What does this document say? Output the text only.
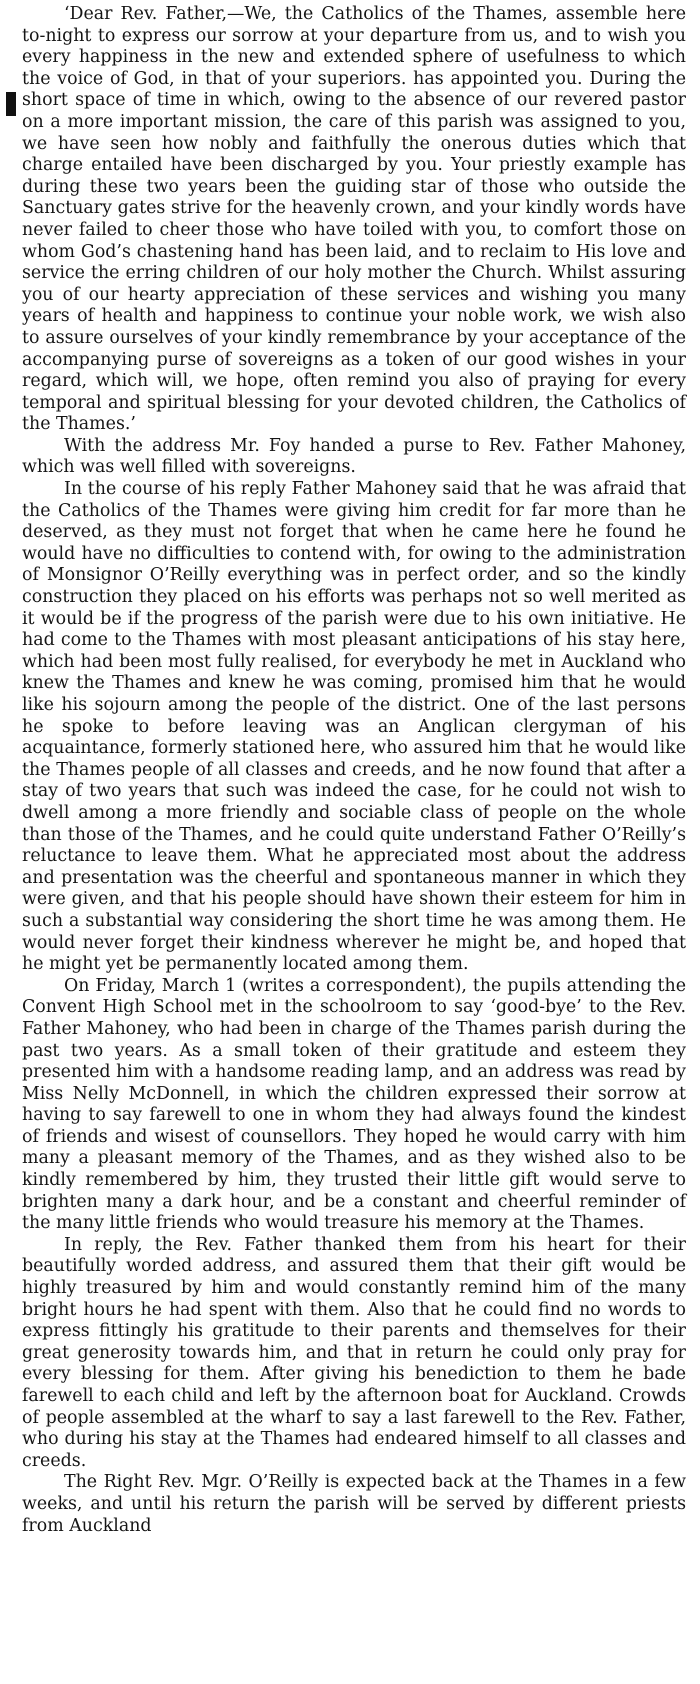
‘Dear Rev. Father,—We, the Catholics of the Thames, assemble here to-night to express our sorrow at your departure from us, and to wish you every happiness in the new and extended sphere of usefulness to which the voice of God, in that of your superiors. has appointed you. During the short space of time in which, owing to the absence of our revered pastor on a more important mission, the care of this parish was assigned to you, we have seen how nobly and faithfully the onerous duties which that charge entailed have been discharged by you. Your priestly example has during these two years been the guiding star of those who outside the Sanctuary gates strive for the heavenly crown, and your kindly words have never failed to cheer those who have toiled with you, to comfort those on whom God’s chastening hand has been laid, and to reclaim to His love and service the erring children of our holy mother the Church. Whilst assuring you of our hearty appreciation of these services and wishing you many years of health and happiness to continue your noble work, we wish also to assure ourselves of your kindly remembrance by your acceptance of the accompanying purse of sovereigns as a token of our good wishes in your regard, which will, we hope, often remind you also of praying for every temporal and spiritual blessing for your devoted children, the Catholics of the Thames.’

With the address Mr. Foy handed a purse to Rev. Father Mahoney, which was well filled with sovereigns.

In the course of his reply Father Mahoney said that he was afraid that the Catholics of the Thames were giving him credit for far more than he deserved, as they must not forget that when he came here he found he would have no difficulties to contend with, for owing to the administration of Monsignor O’Reilly everything was in perfect order, and so the kindly construction they placed on his efforts was perhaps not so well merited as it would be if the progress of the parish were due to his own initiative. He had come to the Thames with most pleasant anticipations of his stay here, which had been most fully realised, for everybody he met in Auckland who knew the Thames and knew he was coming, promised him that he would like his sojourn among the people of the district. One of the last persons he spoke to before leaving was an Anglican clergyman of his acquaintance, formerly stationed here, who assured him that he would like the Thames people of all classes and creeds, and he now found that after a stay of two years that such was indeed the case, for he could not wish to dwell among a more friendly and sociable class of people on the whole than those of the Thames, and he could quite understand Father O’Reilly’s reluctance to leave them. What he appreciated most about the address and presentation was the cheerful and spontaneous manner in which they were given, and that his people should have shown their esteem for him in such a substantial way considering the short time he was among them. He would never forget their kindness wherever he might be, and hoped that he might yet be permanently located among them.

On Friday, March 1 (writes a correspondent), the pupils attending the Convent High School met in the schoolroom to say ‘good-bye’ to the Rev. Father Mahoney, who had been in charge of the Thames parish during the past two years. As a small token of their gratitude and esteem they presented him with a handsome reading lamp, and an address was read by Miss Nelly McDonnell, in which the children expressed their sorrow at having to say farewell to one in whom they had always found the kindest of friends and wisest of counsellors. They hoped he would carry with him many a pleasant memory of the Thames, and as they wished also to be kindly remembered by him, they trusted their little gift would serve to brighten many a dark hour, and be a constant and cheerful reminder of the many little friends who would treasure his memory at the Thames.

In reply, the Rev. Father thanked them from his heart for their beautifully worded address, and assured them that their gift would be highly treasured by him and would constantly remind him of the many bright hours he had spent with them. Also that he could find no words to express fittingly his gratitude to their parents and themselves for their great generosity towards him, and that in return he could only pray for every blessing for them. After giving his benediction to them he bade farewell to each child and left by the afternoon boat for Auckland. Crowds of people assembled at the wharf to say a last farewell to the Rev. Father, who during his stay at the Thames had endeared himself to all classes and creeds.

The Right Rev. Mgr. O’Reilly is expected back at the Thames in a few weeks, and until his return the parish will be served by different priests from Auckland
